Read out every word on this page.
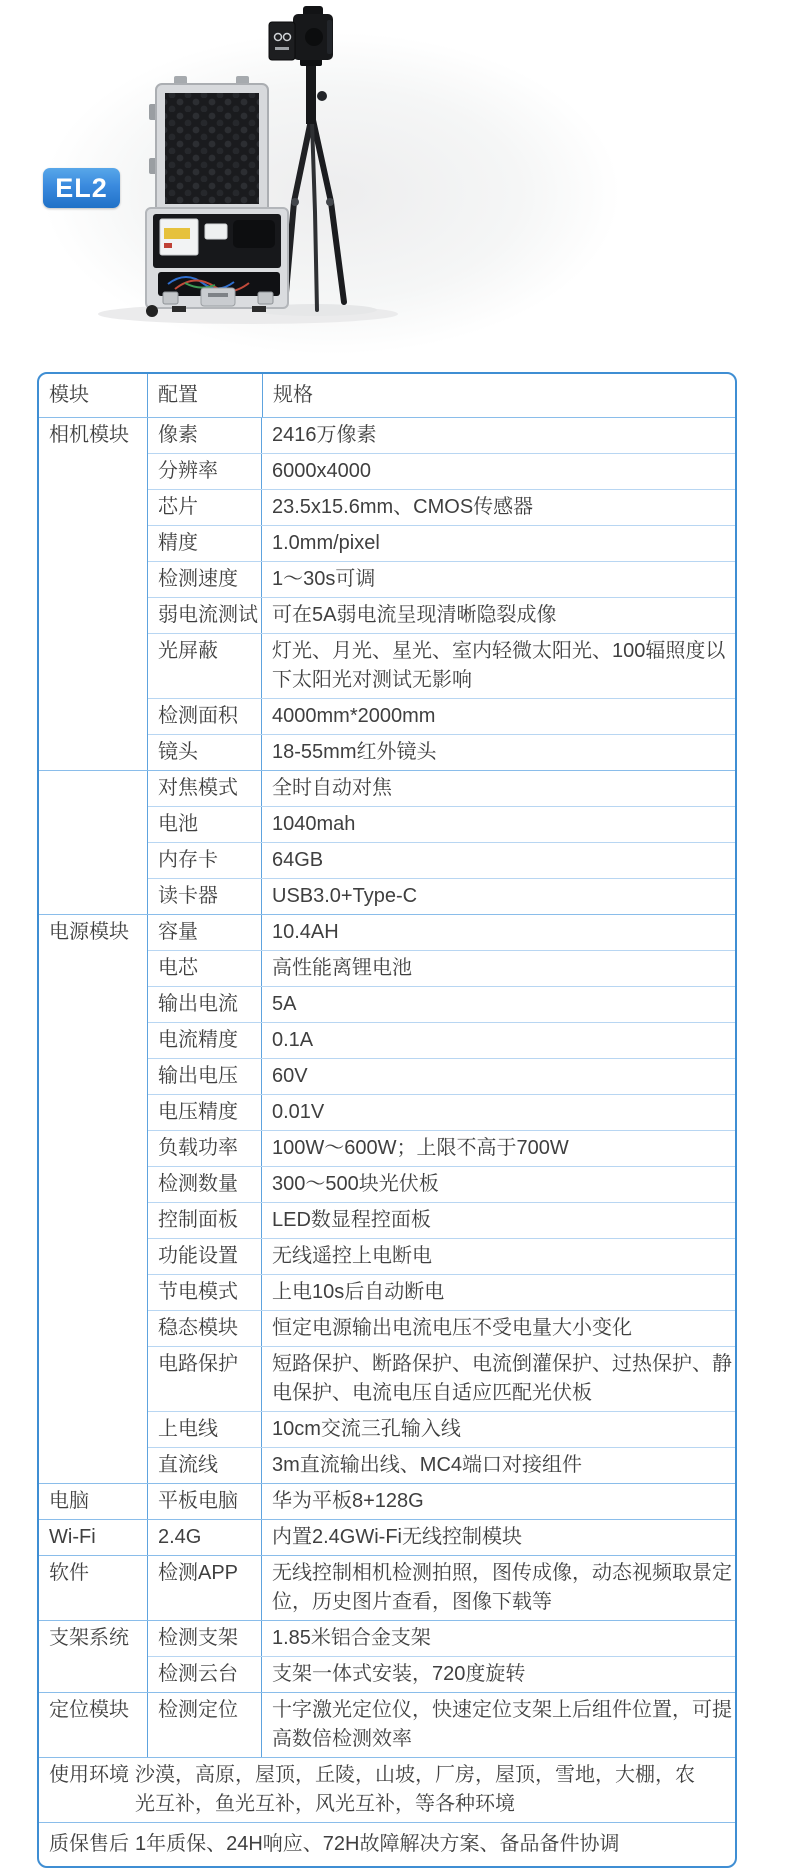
EL2
模块	配置	规格
相机模块	像素	2416万像素
分辨率	6000x4000
芯片	23.5x15.6mm、CMOS传感器
精度	1.0mm/pixel
检测速度	1～30s可调
弱电流测试 可在5A弱电流呈现清晰隐裂成像
光屏蔽	灯光、月光、星光、室内轻微太阳光、100辐照度以下太阳光对测试无影响
检测面积	4000mm*2000mm
镜头	18-55mm红外镜头
对焦模式	全时自动对焦
电池	1040mah
内存卡	64GB
读卡器	USB3.0+Type-C
电源模块	容量	10.4AH
电芯	高性能离锂电池
输出电流	5A
电流精度	0.1A
输出电压	60V
电压精度	0.01V
负载功率	100W～600W；上限不高于700W
检测数量	300～500块光伏板
控制面板	LED数显程控面板
功能设置	无线遥控上电断电
节电模式	上电10s后自动断电
稳态模块	恒定电源输出电流电压不受电量大小变化
电路保护	短路保护、断路保护、电流倒灌保护、过热保护、静电保护、电流电压自适应匹配光伏板
上电线	10cm交流三孔输入线
直流线	3m直流输出线、MC4端口对接组件
电脑	平板电脑	华为平板8+128G
Wi-Fi	2.4G	内置2.4GWi-Fi无线控制模块
软件	检测APP	无线控制相机检测拍照，图传成像，动态视频取景定位，历史图片查看，图像下载等
支架系统	检测支架	1.85米铝合金支架
检测云台	支架一体式安装，720度旋转
定位模块	检测定位	十字激光定位仪，快速定位支架上后组件位置，可提高数倍检测效率
使用环境 沙漠，高原，屋顶，丘陵，山坡，厂房，屋顶，雪地，大棚，农光互补，鱼光互补，风光互补，等各种环境
质保售后 1年质保、24H响应、72H故障解决方案、备品备件协调
